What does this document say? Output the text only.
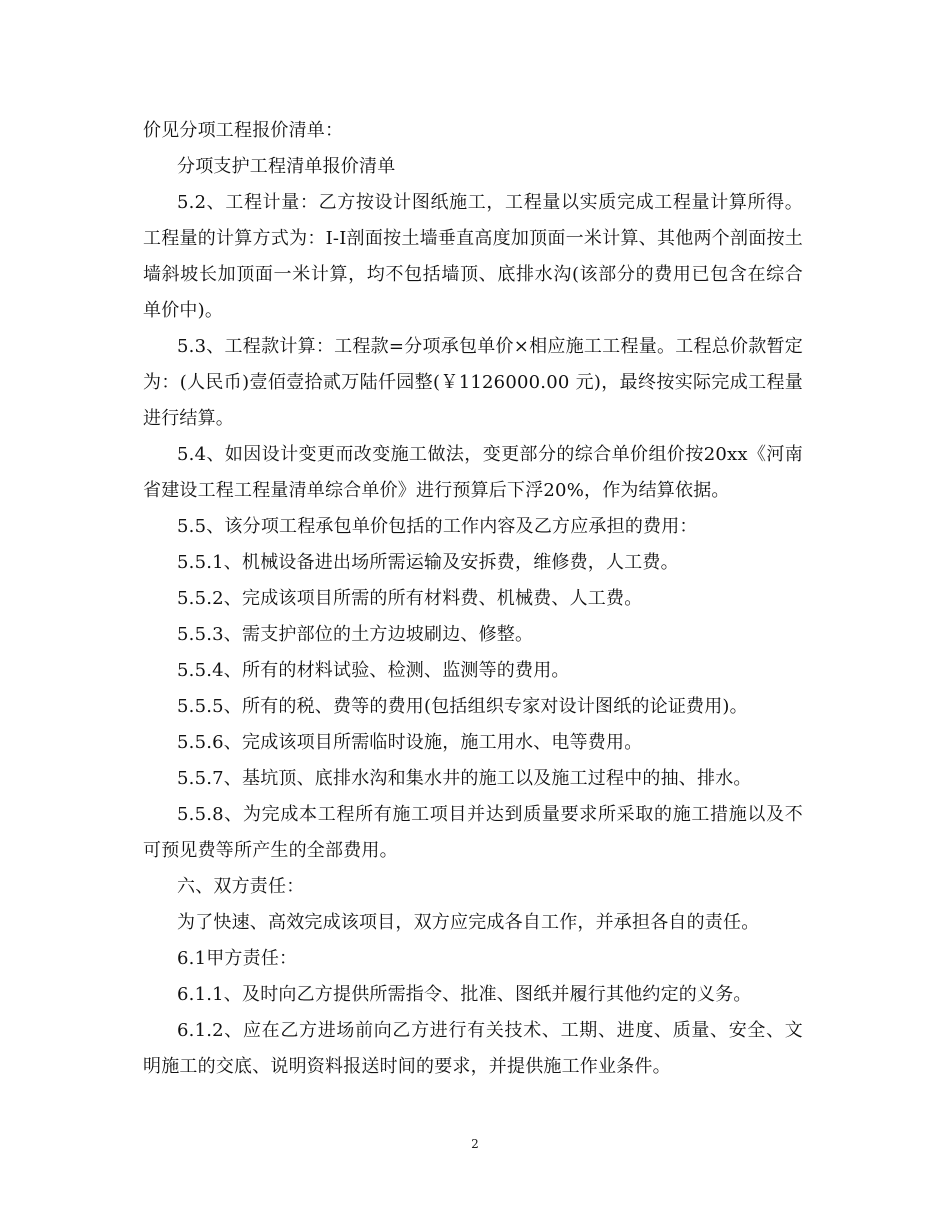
价见分项工程报价清单：

分项支护工程清单报价清单

5.2、工程计量：乙方按设计图纸施工，工程量以实质完成工程量计算所得。工程量的计算方式为：I-I剖面按土墙垂直高度加顶面一米计算、其他两个剖面按土墙斜坡长加顶面一米计算，均不包括墙顶、底排水沟(该部分的费用已包含在综合单价中)。

5.3、工程款计算：工程款=分项承包单价×相应施工工程量。工程总价款暂定为：(人民币)壹佰壹拾贰万陆仟园整(￥1126000.00 元)，最终按实际完成工程量进行结算。

5.4、如因设计变更而改变施工做法，变更部分的综合单价组价按20xx《河南省建设工程工程量清单综合单价》进行预算后下浮20%，作为结算依据。

5.5、该分项工程承包单价包括的工作内容及乙方应承担的费用：

5.5.1、机械设备进出场所需运输及安拆费，维修费，人工费。

5.5.2、完成该项目所需的所有材料费、机械费、人工费。

5.5.3、需支护部位的土方边坡刷边、修整。

5.5.4、所有的材料试验、检测、监测等的费用。

5.5.5、所有的税、费等的费用(包括组织专家对设计图纸的论证费用)。

5.5.6、完成该项目所需临时设施，施工用水、电等费用。

5.5.7、基坑顶、底排水沟和集水井的施工以及施工过程中的抽、排水。

5.5.8、为完成本工程所有施工项目并达到质量要求所采取的施工措施以及不可预见费等所产生的全部费用。

六、双方责任：

为了快速、高效完成该项目，双方应完成各自工作，并承担各自的责任。

6.1甲方责任：

6.1.1、及时向乙方提供所需指令、批准、图纸并履行其他约定的义务。

6.1.2、应在乙方进场前向乙方进行有关技术、工期、进度、质量、安全、文明施工的交底、说明资料报送时间的要求，并提供施工作业条件。

2
